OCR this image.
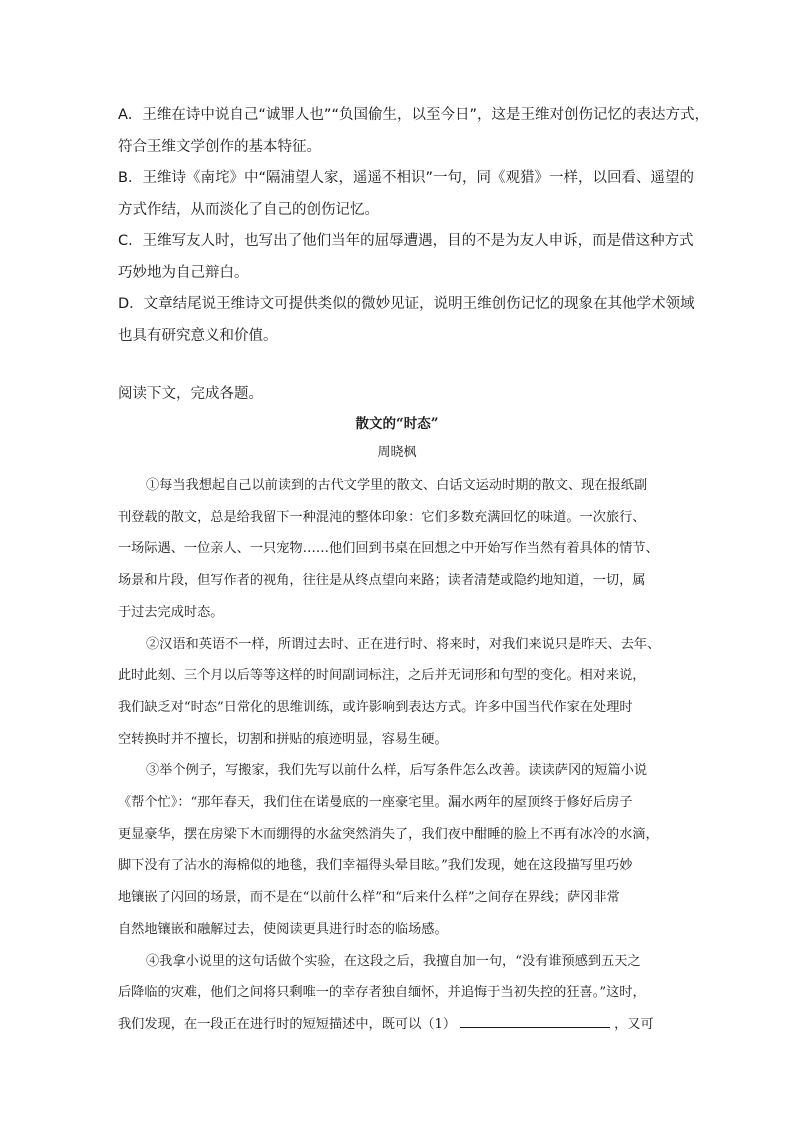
A．王维在诗中说自己“诚罪人也”“负国偷生，以至今日”，这是王维对创伤记忆的表达方式，

符合王维文学创作的基本特征。

B．王维诗《南垞》中“隔浦望人家，遥遥不相识”一句，同《观猎》一样，以回看、遥望的

方式作结，从而淡化了自己的创伤记忆。

C．王维写友人时，也写出了他们当年的屈辱遭遇，目的不是为友人申诉，而是借这种方式

巧妙地为自己辩白。

D．文章结尾说王维诗文可提供类似的微妙见证，说明王维创伤记忆的现象在其他学术领域

也具有研究意义和价值。

阅读下文，完成各题。

散文的“时态”

周晓枫

①每当我想起自己以前读到的古代文学里的散文、白话文运动时期的散文、现在报纸副

刊登载的散文，总是给我留下一种混沌的整体印象：它们多数充满回忆的味道。一次旅行、

一场际遇、一位亲人、一只宠物……他们回到书桌在回想之中开始写作当然有着具体的情节、

场景和片段，但写作者的视角，往往是从终点望向来路；读者清楚或隐约地知道，一切，属

于过去完成时态。

②汉语和英语不一样，所谓过去时、正在进行时、将来时，对我们来说只是昨天、去年、

此时此刻、三个月以后等等这样的时间副词标注，之后并无词形和句型的变化。相对来说，

我们缺乏对“时态”日常化的思维训练，或许影响到表达方式。许多中国当代作家在处理时

空转换时并不擅长，切割和拼贴的痕迹明显，容易生硬。

③举个例子，写搬家，我们先写以前什么样，后写条件怎么改善。读读萨冈的短篇小说

《帮个忙》：“那年春天，我们住在诺曼底的一座豪宅里。漏水两年的屋顶终于修好后房子

更显豪华，摆在房梁下木而绷得的水盆突然消失了，我们夜中酣睡的脸上不再有冰冷的水滴，

脚下没有了沾水的海棉似的地毯，我们幸福得头晕目眩。”我们发现，她在这段描写里巧妙

地镶嵌了闪回的场景，而不是在“以前什么样”和“后来什么样”之间存在界线；萨冈非常

自然地镶嵌和融解过去，使阅读更具进行时态的临场感。

④我拿小说里的这句话做个实验，在这段之后，我擅自加一句，“没有谁预感到五天之

后降临的灾难，他们之间将只剩唯一的幸存者独自缅怀，并追悔于当初失控的狂喜。”这时，

我们发现，在一段正在进行时的短短描述中，既可以（1）	，又可
